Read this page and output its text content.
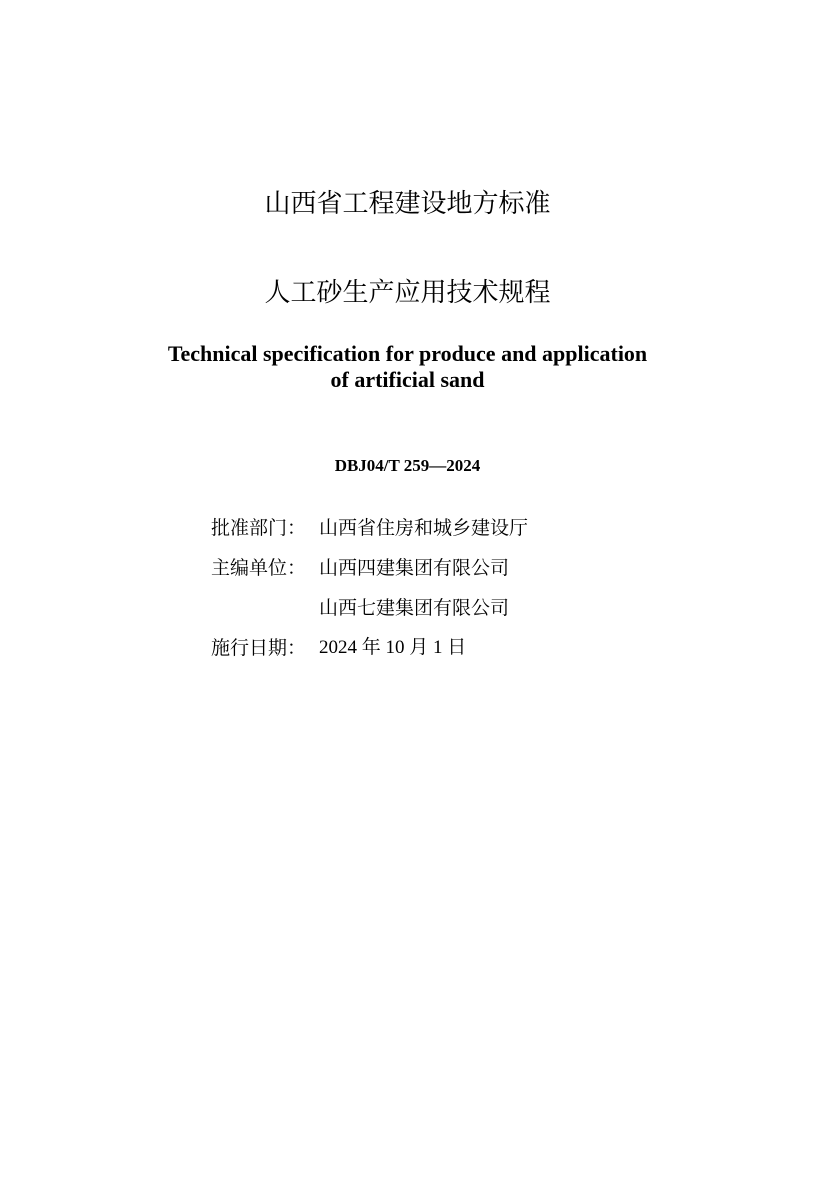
山西省工程建设地方标准
人工砂生产应用技术规程
Technical specification for produce and application
of artificial sand
DBJ04/T 259—2024
批准部门： 山西省住房和城乡建设厅
主编单位： 山西四建集团有限公司
山西七建集团有限公司
施行日期： 2024 年 10 月 1 日
